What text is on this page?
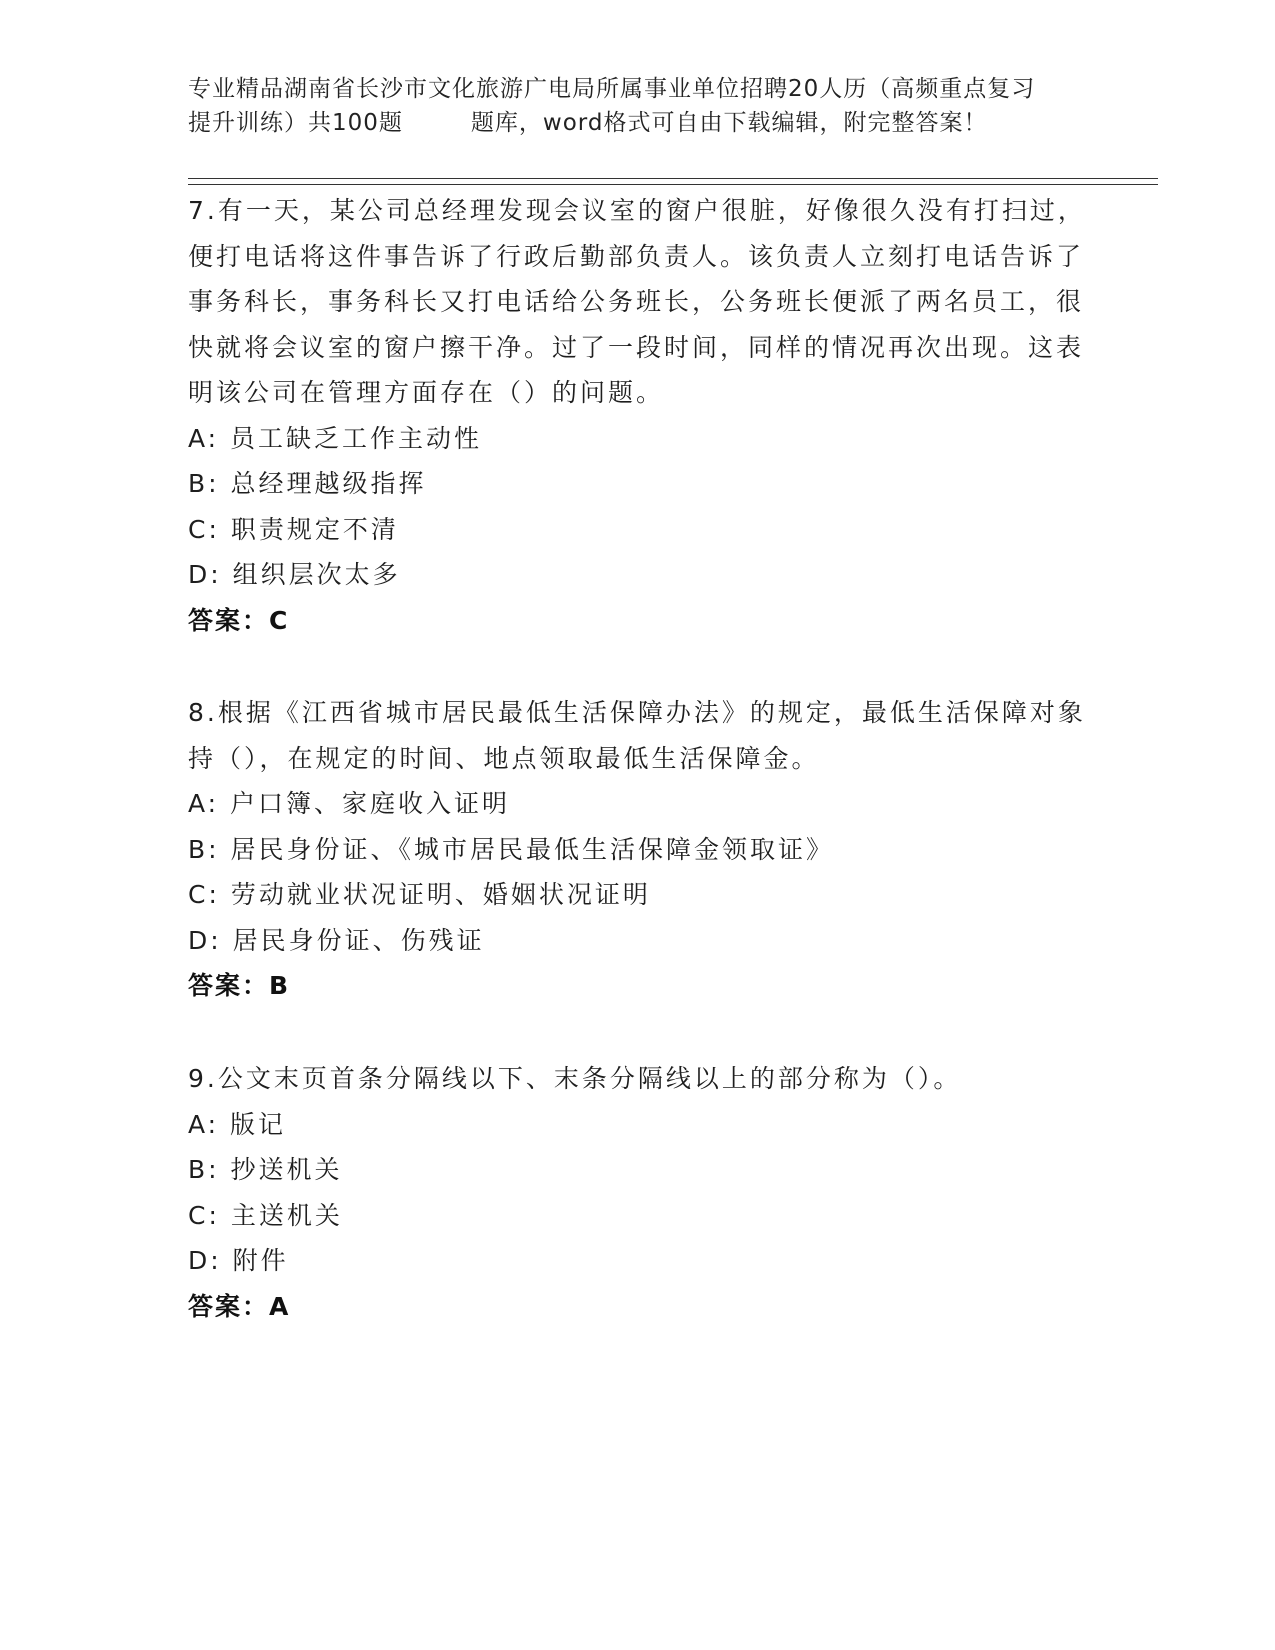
专业精品湖南省长沙市文化旅游广电局所属事业单位招聘20人历（高频重点复习
提升训练）共100题	题库，word格式可自由下载编辑，附完整答案！

7.有一天，某公司总经理发现会议室的窗户很脏，好像很久没有打扫过，便打电话将这件事告诉了行政后勤部负责人。该负责人立刻打电话告诉了事务科长，事务科长又打电话给公务班长，公务班长便派了两名员工，很快就将会议室的窗户擦干净。过了一段时间，同样的情况再次出现。这表明该公司在管理方面存在（）的问题。

A: 员工缺乏工作主动性

B: 总经理越级指挥

C: 职责规定不清

D: 组织层次太多

答案：C

8.根据《江西省城市居民最低生活保障办法》的规定，最低生活保障对象持（），在规定的时间、地点领取最低生活保障金。

A: 户口簿、家庭收入证明

B: 居民身份证、《城市居民最低生活保障金领取证》

C: 劳动就业状况证明、婚姻状况证明

D: 居民身份证、伤残证

答案：B

9.公文末页首条分隔线以下、末条分隔线以上的部分称为（）。

A: 版记

B: 抄送机关

C: 主送机关

D: 附件

答案：A
